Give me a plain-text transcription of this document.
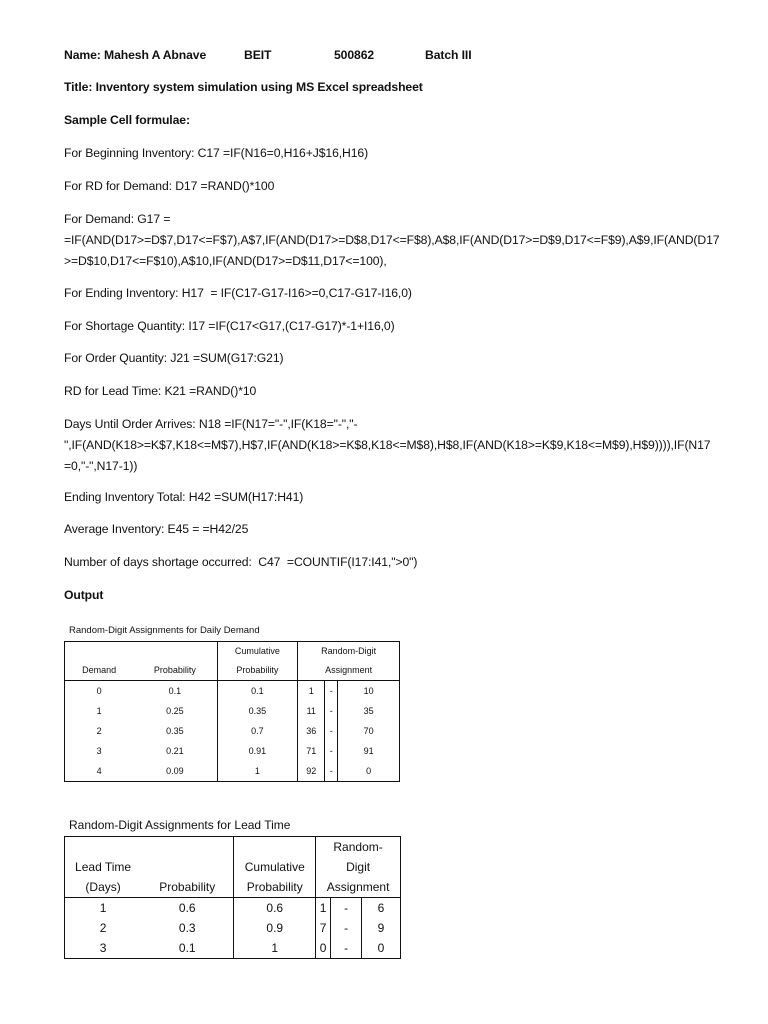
Name: Mahesh A Abnave

	BEIT

	500862

	Batch III

Title: Inventory system simulation using MS Excel spreadsheet
Sample Cell formulae:
For Beginning Inventory: C17 =IF(N16=0,H16+J$16,H16)
For RD for Demand: D17 =RAND()*100
For Demand: G17 =
=IF(AND(D17>=D$7,D17<=F$7),A$7,IF(AND(D17>=D$8,D17<=F$8),A$8,IF(AND(D17>=D$9,D17<=F$9),A$9,IF(AND(D17
>=D$10,D17<=F$10),A$10,IF(AND(D17>=D$11,D17<=100),
For Ending Inventory: H17  = IF(C17-G17-I16>=0,C17-G17-I16,0)
For Shortage Quantity: I17 =IF(C17<G17,(C17-G17)*-1+I16,0)
For Order Quantity: J21 =SUM(G17:G21)
RD for Lead Time: K21 =RAND()*10
Days Until Order Arrives: N18 =IF(N17="-",IF(K18="-","-
",IF(AND(K18>=K$7,K18<=M$7),H$7,IF(AND(K18>=K$8,K18<=M$8),H$8,IF(AND(K18>=K$9,K18<=M$9),H$9)))),IF(N17
=0,"-",N17-1))
Ending Inventory Total: H42 =SUM(H17:H41)
Average Inventory: E45 = =H42/25
Number of days shortage occurred:  C47  =COUNTIF(I17:I41,">0")
Output
Random-Digit Assignments for Daily Demand
		Cumulative	Random-Digit		
Demand	Probability	Probability	Assignment		
0	0.1	0.1	1	-	10
1	0.25	0.35	11	-	35
2	0.35	0.7	36	-	70
3	0.21	0.91	71	-	91
4	0.09	1	92	-	0
Random-Digit Assignments for Lead Time
			Random-		
Lead Time		Cumulative	Digit		
(Days)	Probability	Probability	Assignment		
1	0.6	0.6	1	-	6
2	0.3	0.9	7	-	9
3	0.1	1	0	-	0
